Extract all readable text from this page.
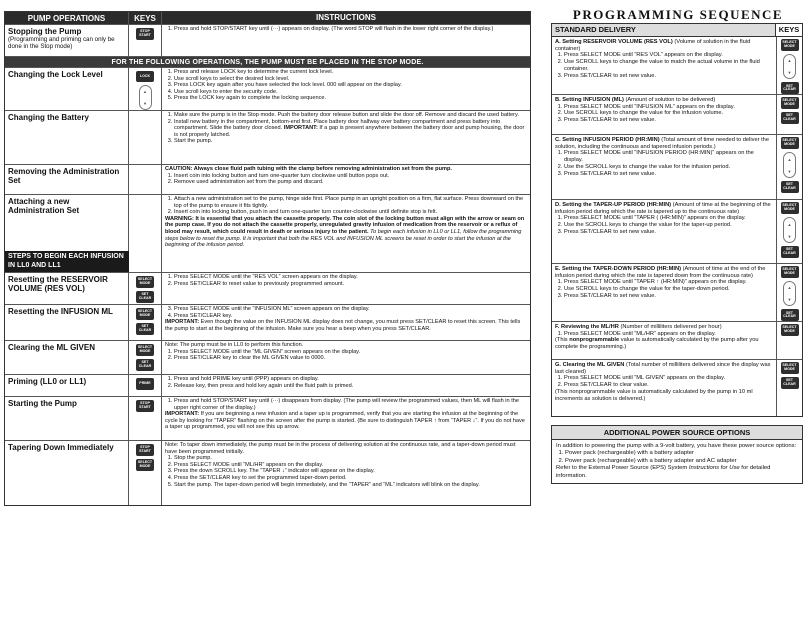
PUMP OPERATIONS	KEYS	INSTRUCTIONS
Stopping the Pump
(Programming and priming can only be done in the Stop mode)
STOP START
1. Press and hold STOP/START key until (···) appears on display. (The word STOP will flash in the lower right corner of the display.)
FOR THE FOLLOWING OPERATIONS, THE PUMP MUST BE PLACED IN THE STOP MODE.
Changing the Lock Level	LOCK
▲
▼
1. Press and release LOCK key to determine the current lock level.
2. Use scroll keys to select the desired lock level.
3. Press LOCK key again after you have selected the lock level. 000 will appear on the display.
4. Use scroll keys to enter the security code.
5. Press the LOCK key again to complete the locking sequence.
Changing the Battery
1.	Make sure the pump is in the Stop mode. Push the battery door release button and slide the door off. Remove and discard the used battery.
2. Install new battery in the compartment, bottom-end first. Place battery door halfway over battery compartment and press battery into compartment. Slide the battery door closed. IMPORTANT: If a gap is present anywhere between the battery door and pump housing, the door is not properly latched.
3. Start the pump.
Removing the Administration Set

CAUTION: Always close fluid path tubing with the clamp before removing administration set from the pump.

1. Insert coin into locking button and turn one-quarter turn clockwise until button pops out.
2. Remove used administration set from the pump and discard.
Attaching a new Administration Set
STEPS TO BEGIN EACH INFUSION IN LL0 AND LL1
1. Attach a new administration set to the pump, hinge side first. Place pump in an upright position on a firm, flat surface. Press downward on the top of the pump to ensure it fits tightly.
2. Insert coin into locking button, push in and turn one-quarter turn counter-clockwise until definite stop is felt.

WARNING: It is essential that you attach the cassette properly. The coin slot of the locking button must align with the arrow or seam on the pump case. If you do not attach the cassette properly, unregulated gravity infusion of medication from the reservoir or a reflux of blood may result, which could result in death or serious injury to the patient. To begin each infusion in LL0 or LL1, follow the programming steps below to reset the pump. It is important that both the RES VOL and INFUSION ML screens be reset in order to start the infusion at the beginning of the infusion period.

Resetting the RESERVOIR VOLUME (RES VOL)
SELECT MODE
SET CLEAR
1. Press SELECT MODE until the “RES VOL” screen appears on the display.
2. Press SET/CLEAR to reset value to previously programmed amount.
Resetting the INFUSION ML	SELECT MODE
SET CLEAR
3. Press SELECT MODE until the “INFUSION ML” screen appears on the display.
4. Press SET/CLEAR key.

IMPORTANT: Even though the value on the INFUSION ML display does not change, you must press SET/CLEAR to reset this screen. This tells the pump to start at the beginning of the infusion. Make sure you hear a beep when you press SET/CLEAR.

Clearing the ML GIVEN	SELECT MODE
SET CLEAR

Note: The pump must be in LL0 to perform this function.

1. Press SELECT MODE until the “ML GIVEN” screen appears on the display.
2. Press SET/CLEAR key to clear the ML GIVEN value to 0000.
Priming (LL0 or LL1)	PRIME
1. Press and hold PRIME key until (PPP) appears on display.
2. Release key, then press and hold key again until the fluid path is primed.
Starting the Pump	STOP START
1. Press and hold STOP/START key until (···) disappears from display. (The pump will review the programmed values, then ML will flash in the upper right corner of the display.)

IMPORTANT: If you are beginning a new infusion and a taper up is programmed, verify that you are starting the infusion at the beginning of the cycle by looking for “TAPER” flashing on the screen after the pump is started. (Be sure to distinguish TAPER ↑ from “TAPER ↓”. If you do not have a taper up programmed, you will not see this up arrow.

Tapering Down Immediately	STOP START
SELECT MODE

Note: To taper down immediately, the pump must be in the process of delivering solution at the continuous rate, and a taper-down period must have been programmed initially.

1. Stop the pump.
2. Press SELECT MODE until “ML/HR” appears on the display.
3. Press the down SCROLL key. The “TAPER ↓” indicator will appear on the display.
4. Press the SET/CLEAR key to set the programmed taper-down period.
5. Start the pump. The taper-down period will begin immediately, and the “TAPER” and “ML” indicators will blink on the display.
PROGRAMMING SEQUENCE
STANDARD DELIVERY	KEYS
A. Setting RESERVOIR VOLUME (RES VOL) (Volume of solution in the fluid container)
1. Press SELECT MODE until “RES VOL” appears on the display.
2. Use SCROLL keys to change the value to match the actual volume in the fluid container.
3. Press SET/CLEAR to set new value.
SELECT MODE
▲
▼
SET CLEAR
B. Setting INFUSION (ML) (Amount of solution to be delivered)
1. Press SELECT MODE until “INFUSION ML” appears on the display.
2. Use SCROLL keys to change the value for the infusion volume.
3. Press SET/CLEAR to set new value.
SELECT MODE
SET CLEAR
C. Setting INFUSION PERIOD (HR:MIN) (Total amount of time needed to deliver the solution, including the continuous and tapered infusion periods.)
1. Press SELECT MODE until “INFUSION PERIOD (HR:MIN)” appears on the display.
2. Use the SCROLL keys to change the value for the infusion period.
3. Press SET/CLEAR to set new value.
SELECT MODE
▲
▼
SET CLEAR
D. Setting the TAPER-UP PERIOD (HR:MIN) (Amount of time at the beginning of the infusion period during which the rate is tapered up to the continuous rate)
1. Press SELECT MODE until “TAPER ( (HR:MIN)” appears on the display.
2. Use the SCROLL keys to change the value for the taper-up period.
3. Press SET/CLEAR to set new value.
SELECT MODE
▲
▼
SET CLEAR
E. Setting the TAPER-DOWN PERIOD (HR:MIN) (Amount of time at the end of the infusion period during which the rate is tapered down from the continuous rate)
1. Press SELECT MODE until “TAPER ↑ (HR:MIN)” appears on the display.
2. Use SCROLL keys to change the value for the taper-down period.
3. Press SET/CLEAR to set new value.
SELECT MODE
▲
▼
SET CLEAR
F. Reviewing the ML/HR (Number of milliliters delivered per hour)
1. Press SELECT MODE until “ML/HR” appears on the display.

(This nonprogrammable value is automatically calculated by the pump after you complete the programming.)

SELECT MODE
G. Clearing the ML GIVEN (Total number of milliliters delivered since the display was last cleared)
1. Press SELECT MODE until “ML GIVEN” appears on the display.
2. Press SET/CLEAR to clear value.

(This nonprogrammable value is automatically calculated by the pump in 10 ml increments as solution is delivered.)

SELECT MODE
SET CLEAR
ADDITIONAL POWER SOURCE OPTIONS

In addition to powering the pump with a 9-volt battery, you have these power source options:

1. Power pack (rechargeable) with a battery adapter
2. Power pack (rechargeable) with a battery adapter and AC adapter

Refer to the External Power Source (EPS) System Instructions for Use for detailed information.
